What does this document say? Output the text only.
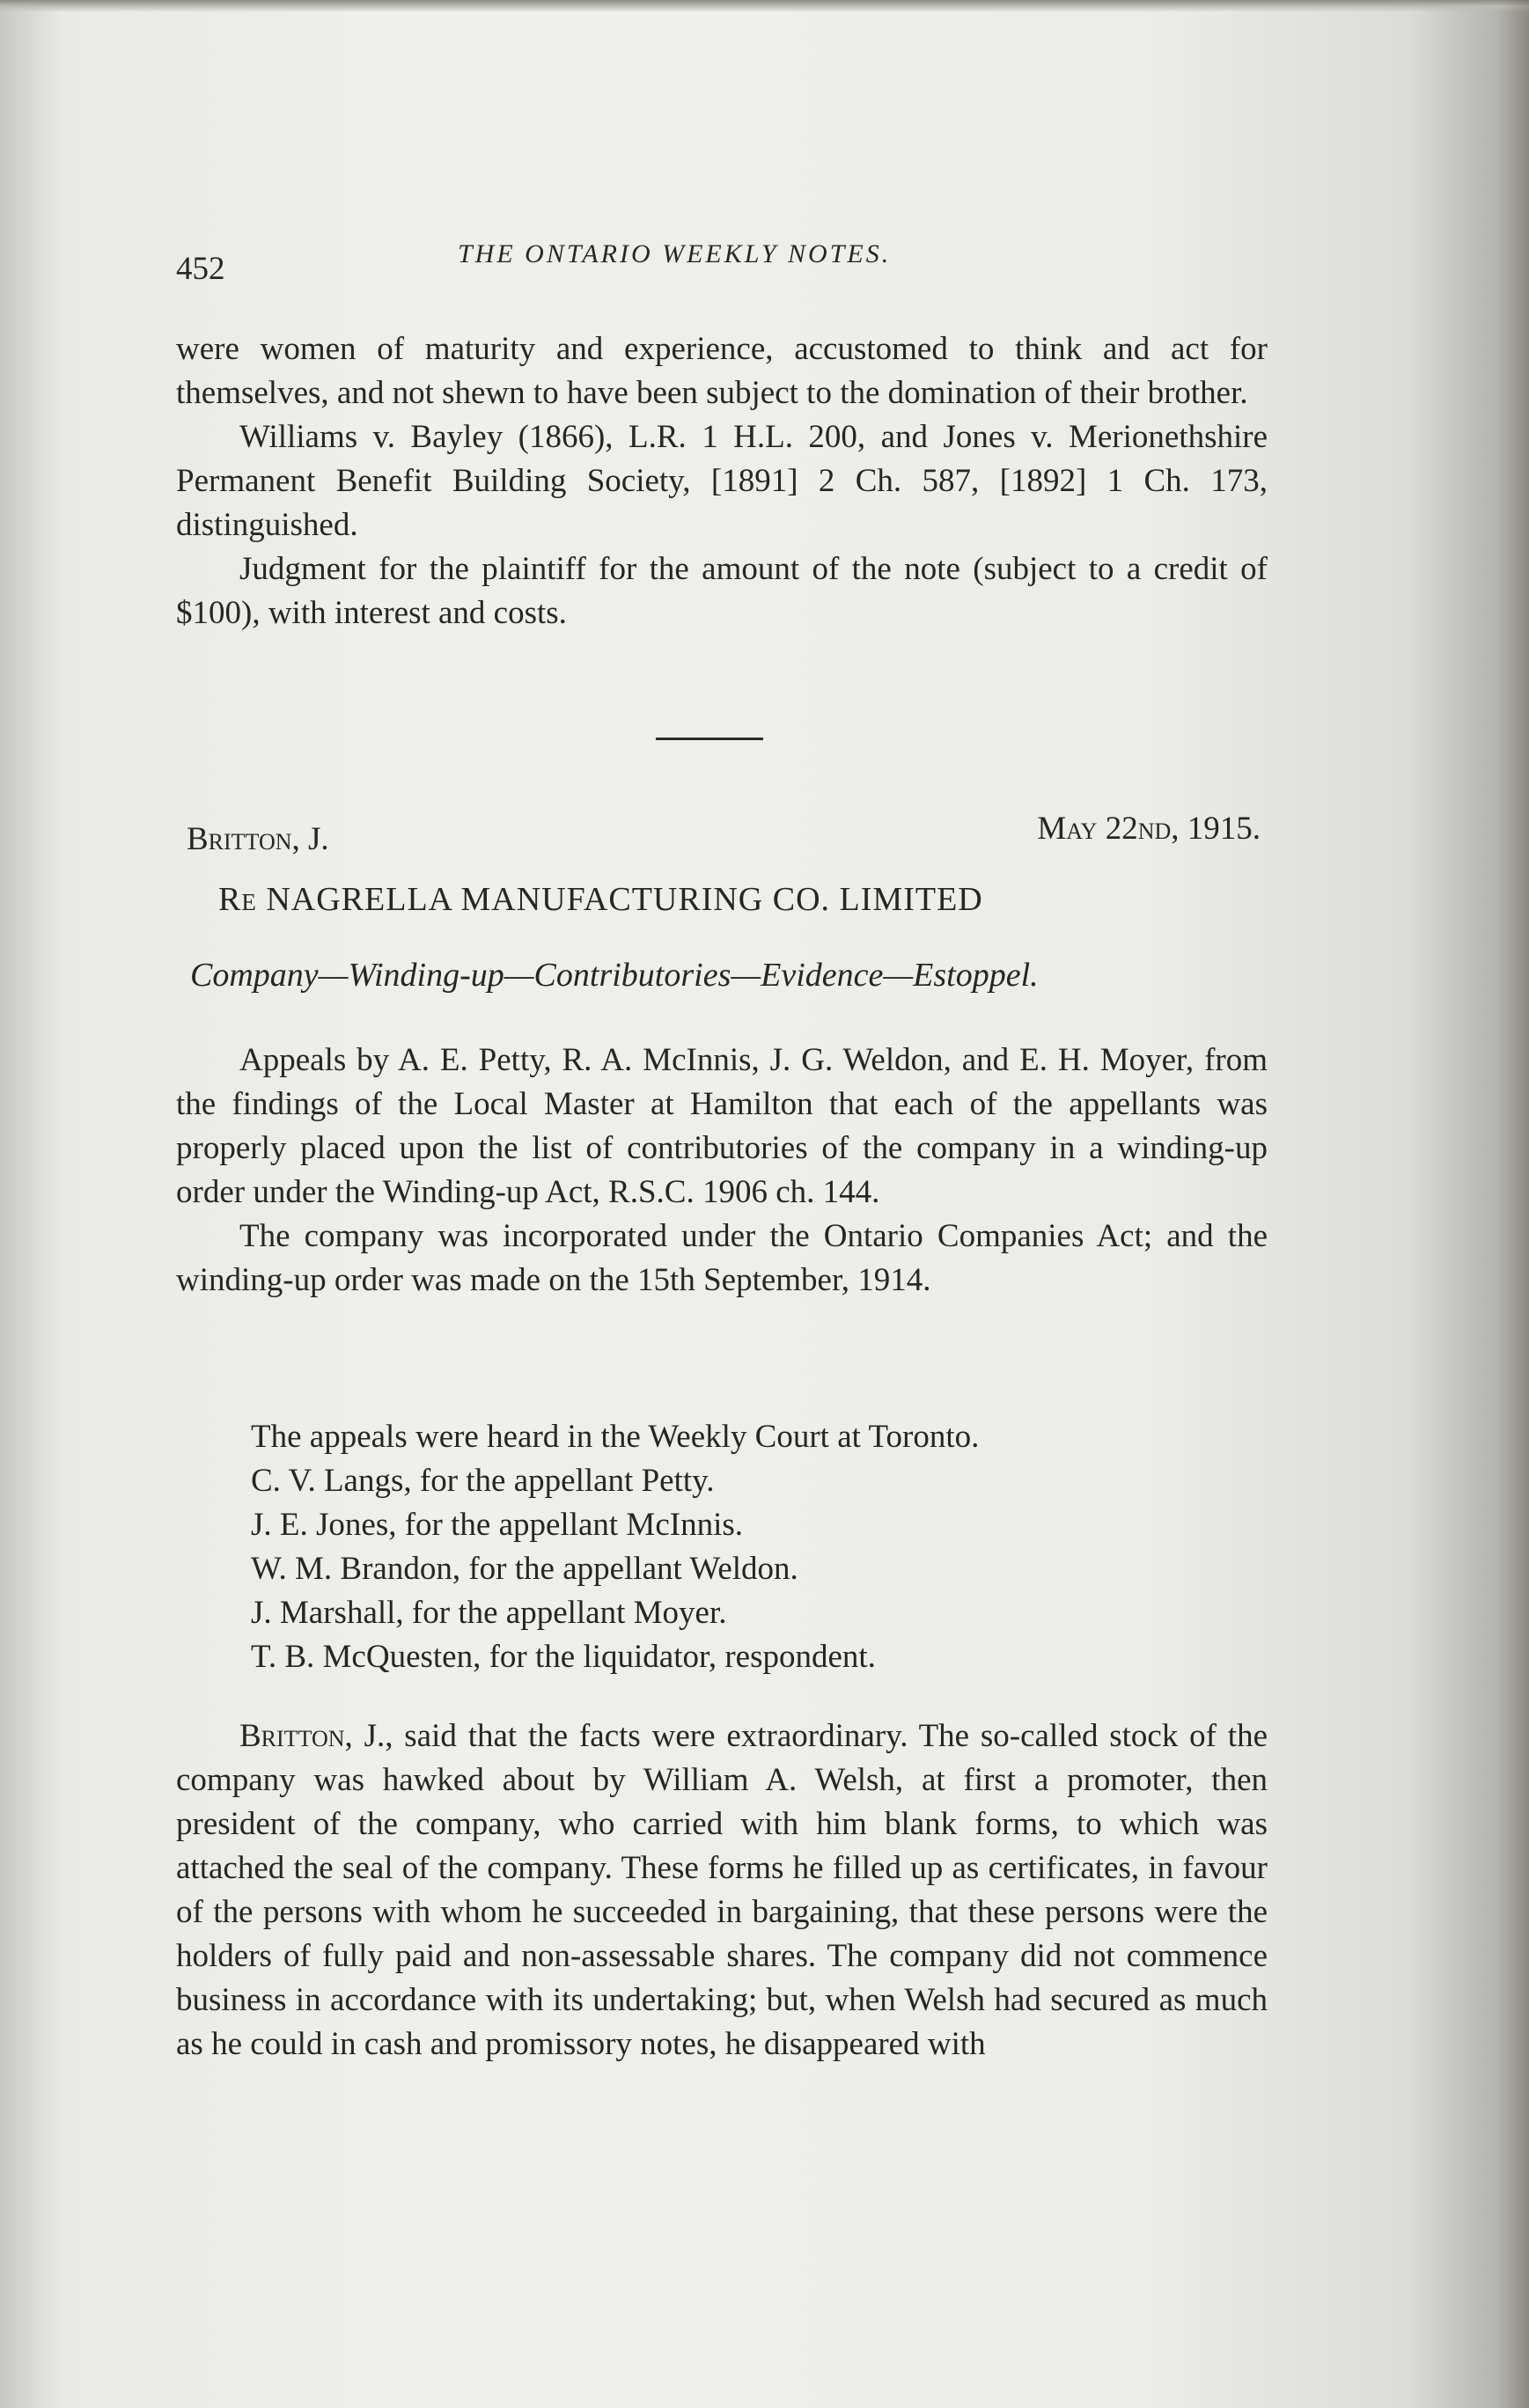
452	THE ONTARIO WEEKLY NOTES.

were women of maturity and experience, accustomed to think and act for themselves, and not shewn to have been subject to the domination of their brother.

Williams v. Bayley (1866), L.R. 1 H.L. 200, and Jones v. Merionethshire Permanent Benefit Building Society, [1891] 2 Ch. 587, [1892] 1 Ch. 173, distinguished.

Judgment for the plaintiff for the amount of the note (subject to a credit of $100), with interest and costs.

Britton, J.	May 22nd, 1915.
Re NAGRELLA MANUFACTURING CO. LIMITED
Company—Winding-up—Contributories—Evidence—Estoppel.

Appeals by A. E. Petty, R. A. McInnis, J. G. Weldon, and E. H. Moyer, from the findings of the Local Master at Hamilton that each of the appellants was properly placed upon the list of contributories of the company in a winding-up order under the Winding-up Act, R.S.C. 1906 ch. 144.

The company was incorporated under the Ontario Companies Act; and the winding-up order was made on the 15th September, 1914.

The appeals were heard in the Weekly Court at Toronto.
C. V. Langs, for the appellant Petty.
J. E. Jones, for the appellant McInnis.
W. M. Brandon, for the appellant Weldon.
J. Marshall, for the appellant Moyer.
T. B. McQuesten, for the liquidator, respondent.

Britton, J., said that the facts were extraordinary. The so-called stock of the company was hawked about by William A. Welsh, at first a promoter, then president of the company, who carried with him blank forms, to which was attached the seal of the company. These forms he filled up as certificates, in favour of the persons with whom he succeeded in bargaining, that these persons were the holders of fully paid and non-assessable shares. The company did not commence business in accordance with its undertaking; but, when Welsh had secured as much as he could in cash and promissory notes, he disappeared with
